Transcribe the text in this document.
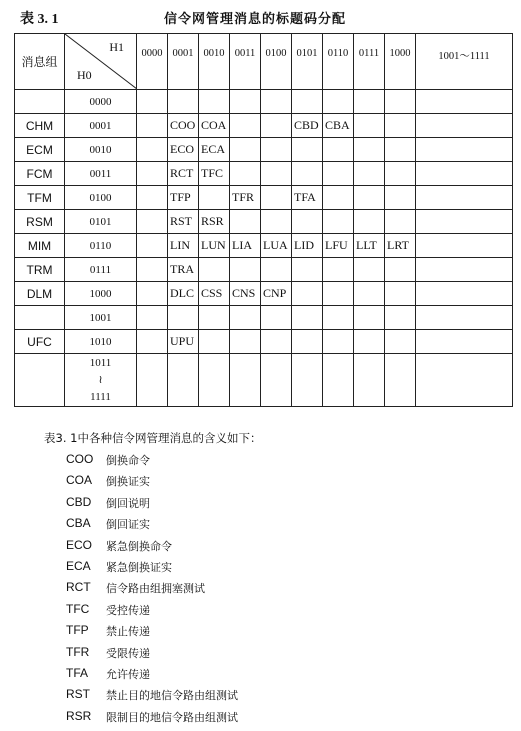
表 3. 1	信令网管理消息的标题码分配
消息组	H1
H0	0000	0001	0010	0011	0100	0101	0110	0111	1000	1001～1111
	0000										
CHM	0001		COO	COA			CBD	CBA			
ECM	0010		ECO	ECA							
FCM	0011		RCT	TFC							
TFM	0100		TFP		TFR		TFA				
RSM	0101		RST	RSR							
MIM	0110		LIN	LUN	LIA	LUA	LID	LFU	LLT	LRT	
TRM	0111		TRA								
DLM	1000		DLC	CSS	CNS	CNP					
	1001										
UFC	1010		UPU								

	1011
≀
1111										

表3. 1中各种信令网管理消息的含义如下：
COO	倒换命令
COA	倒换证实
CBD	倒回说明
CBA	倒回证实
ECO	紧急倒换命令
ECA	紧急倒换证实
RCT	信令路由组拥塞测试
TFC	受控传递
TFP	禁止传递
TFR	受限传递
TFA	允许传递
RST	禁止目的地信令路由组测试
RSR	限制目的地信令路由组测试
